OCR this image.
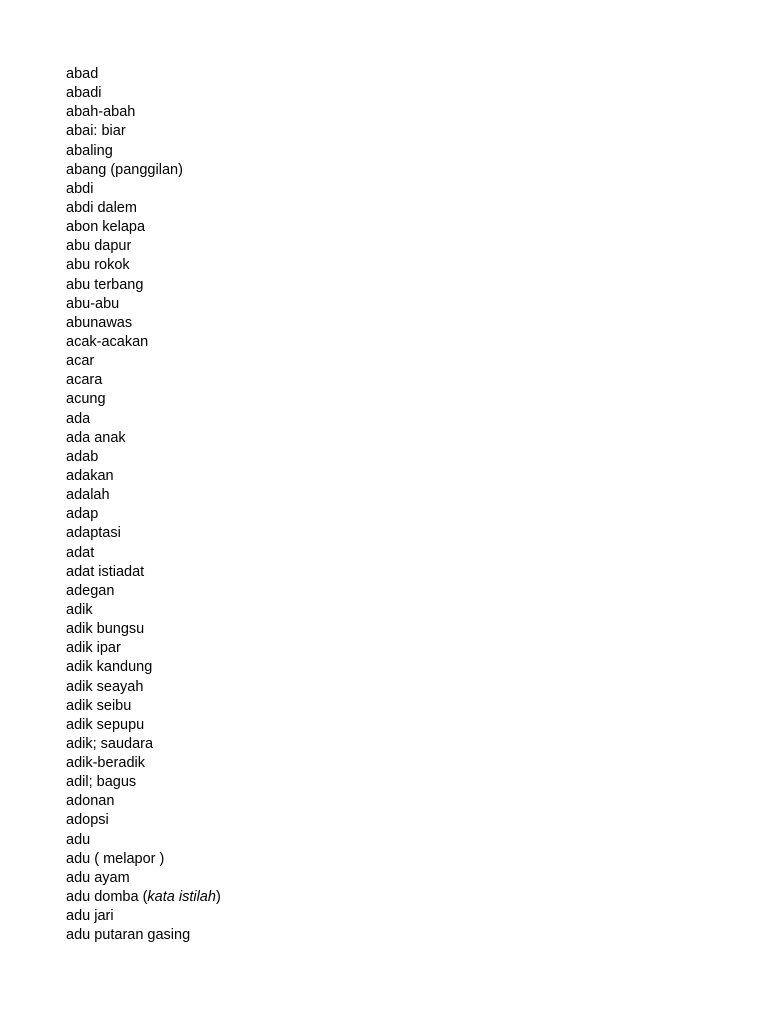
abad
abadi
abah-abah
abai: biar
abaling
abang (panggilan)
abdi
abdi dalem
abon kelapa
abu dapur
abu rokok
abu terbang
abu-abu
abunawas
acak-acakan
acar
acara
acung
ada
ada anak
adab
adakan
adalah
adap
adaptasi
adat
adat istiadat
adegan
adik
adik bungsu
adik ipar
adik kandung
adik seayah
adik seibu
adik sepupu
adik; saudara
adik-beradik
adil; bagus
adonan
adopsi
adu
adu ( melapor )
adu ayam
adu domba (kata istilah)
adu jari
adu putaran gasing
